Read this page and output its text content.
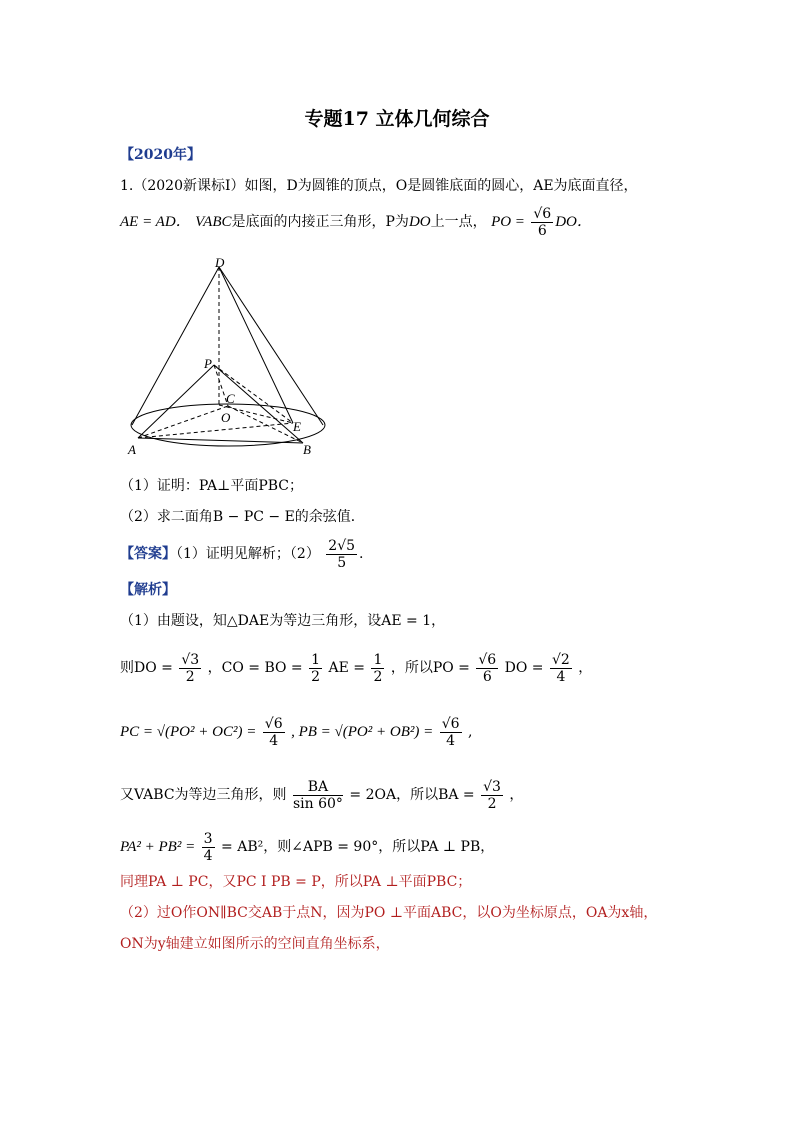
专题17 立体几何综合
【2020年】
1.（2020新课标Ⅰ）如图，D为圆锥的顶点，O是圆锥底面的圆心，AE为底面直径，
AE = AD． VABC是底面的内接正三角形，P为DO上一点， PO = $\frac{√6}{6}$ DO．
D
P
C
O
E
A	B
（1）证明：PA⊥平面PBC；
（2）求二面角B − PC − E的余弦值．
【答案】（1）证明见解析；$(2) \frac{2√5}{5}$ .
【解析】
（1）由题设，知△DAE为等边三角形，设AE = 1，
则DO = $\frac{√3}{2}$ ，CO = BO = $\frac{1}{2}$ AE = $\frac{1}{2}$ ，所以PO = $\frac{√6}{6}$ DO = $\frac{√2}{4}$ ，
PC = $√(PO^2 + OC^2) = \frac{√6}{4}$ , PB = $√(PO^2 + OB^2) = \frac{√6}{4}$ ,
又VABC为等边三角形，则 $\frac{BA}{\sin 60^\circ} = 2OA$，所以BA = $\frac{√3}{2}$ ，
$PA^2 + PB^2 = \frac{3}{4} = AB^2$，则∠APB = 90°，所以PA ⊥ PB，
同理PA ⊥ PC，又PC I PB = P，所以PA ⊥平面PBC；
（2）过O作ON∥BC交AB于点N，因为PO ⊥平面ABC，以O为坐标原点，OA为x轴，
ON为y轴建立如图所示的空间直角坐标系，
